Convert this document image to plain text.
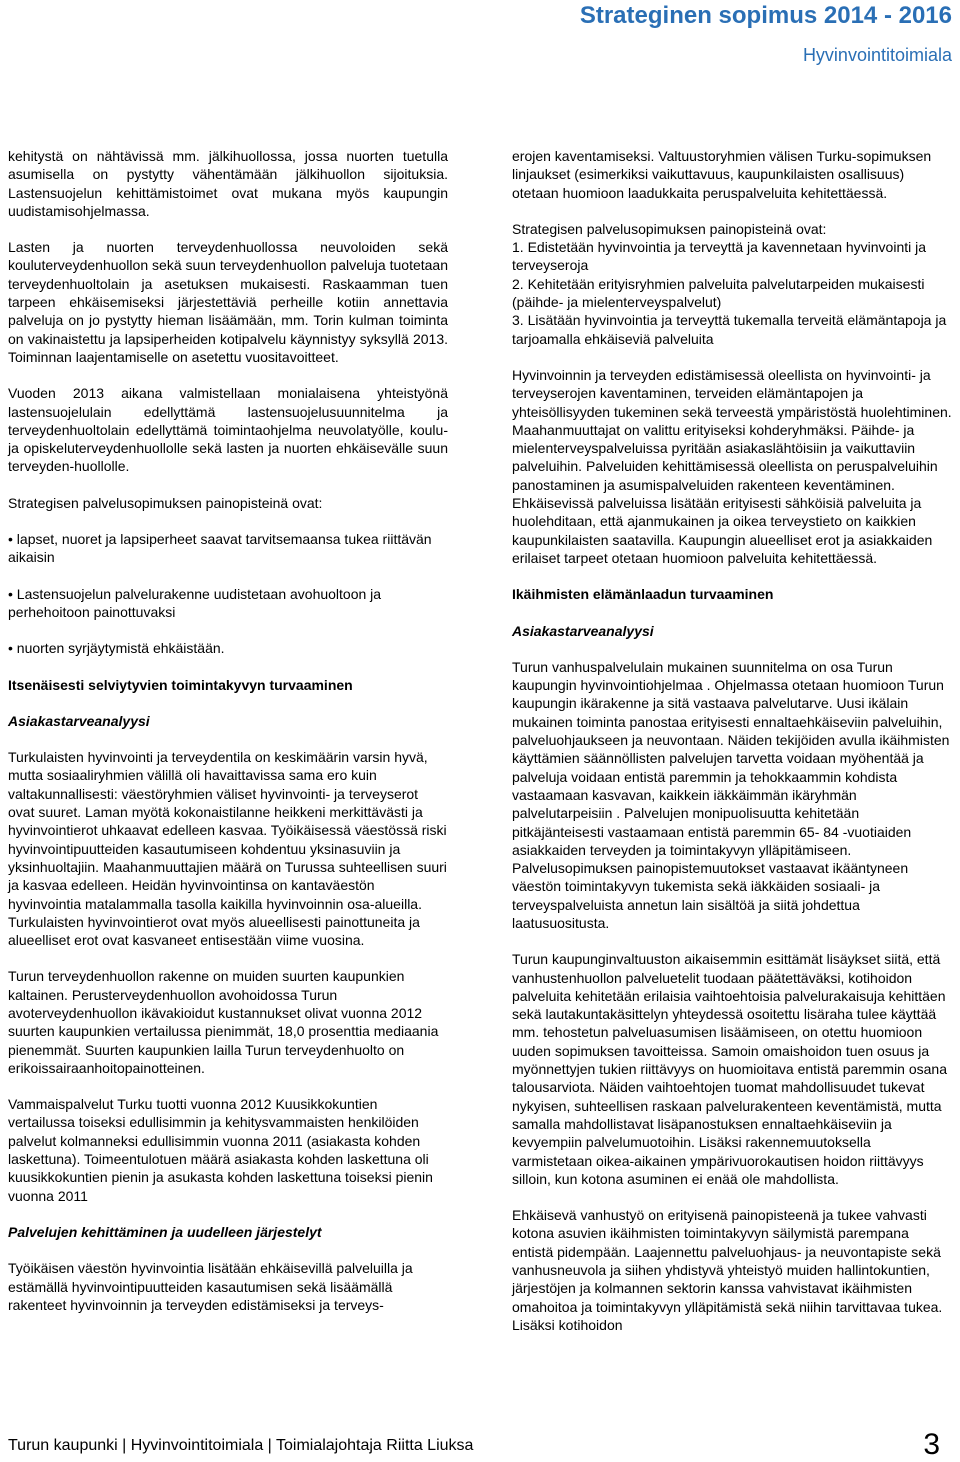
Strateginen sopimus 2014 - 2016
Hyvinvointitoimiala

kehitystä on nähtävissä mm. jälkihuollossa, jossa nuorten tuetulla asumisella on pystytty vähentämään jälkihuollon sijoituksia. Lastensuojelun kehittämistoimet ovat mukana myös kaupungin uudistamisohjelmassa.

Lasten ja nuorten terveydenhuollossa neuvoloiden sekä kouluterveydenhuollon sekä suun terveydenhuollon palveluja tuotetaan terveydenhuoltolain ja asetuksen mukaisesti. Raskaamman tuen tarpeen ehkäisemiseksi järjestettäviä perheille kotiin annettavia palveluja on jo pystytty hieman lisäämään, mm. Torin kulman toiminta on vakinaistettu ja lapsiperheiden kotipalvelu käynnistyy syksyllä 2013. Toiminnan laajentamiselle on asetettu vuositavoitteet.

Vuoden 2013 aikana valmistellaan monialaisena yhteistyönä lastensuojelulain edellyttämä lastensuojelusuunnitelma ja terveydenhuoltolain edellyttämä toimintaohjelma neuvolatyölle, koulu- ja opiskeluterveydenhuollolle sekä lasten ja nuorten ehkäisevälle suun terveyden-huollolle.

Strategisen palvelusopimuksen painopisteinä ovat:

• lapset, nuoret ja lapsiperheet saavat tarvitsemaansa tukea riittävän aikaisin
• Lastensuojelun palvelurakenne uudistetaan avohuoltoon ja perhehoitoon painottuvaksi
• nuorten syrjäytymistä ehkäistään.
Itsenäisesti selviytyvien toimintakyvyn turvaaminen
Asiakastarveanalyysi

Turkulaisten hyvinvointi ja terveydentila on keskimäärin varsin hyvä, mutta sosiaaliryhmien välillä oli havaittavissa sama ero kuin valtakunnallisesti: väestöryhmien väliset hyvinvointi- ja terveyserot ovat suuret. Laman myötä kokonaistilanne heikkeni merkittävästi ja hyvinvointierot uhkaavat edelleen kasvaa. Työikäisessä väestössä riski hyvinvointipuutteiden kasautumiseen kohdentuu yksinasuviin ja yksinhuoltajiin. Maahanmuuttajien määrä on Turussa suhteellisen suuri ja kasvaa edelleen. Heidän hyvinvointinsa on kantaväestön hyvinvointia matalammalla tasolla kaikilla hyvinvoinnin osa-alueilla. Turkulaisten hyvinvointierot ovat myös alueellisesti painottuneita ja alueelliset erot ovat kasvaneet entisestään viime vuosina.

Turun terveydenhuollon rakenne on muiden suurten kaupunkien kaltainen. Perusterveydenhuollon avohoidossa Turun avoterveydenhuollon ikävakioidut kustannukset olivat vuonna 2012 suurten kaupunkien vertailussa pienimmät, 18,0 prosenttia mediaania pienemmät. Suurten kaupunkien lailla Turun terveydenhuolto on erikoissairaanhoitopainotteinen.

Vammaispalvelut Turku tuotti vuonna 2012 Kuusikkokuntien vertailussa toiseksi edullisimmin ja kehitysvammaisten henkilöiden palvelut kolmanneksi edullisimmin vuonna 2011 (asiakasta kohden laskettuna). Toimeentulotuen määrä asiakasta kohden laskettuna oli kuusikkokuntien pienin ja asukasta kohden laskettuna toiseksi pienin vuonna 2011

Palvelujen kehittäminen ja uudelleen järjestelyt

Työikäisen väestön hyvinvointia lisätään ehkäisevillä palveluilla ja estämällä hyvinvointipuutteiden kasautumisen sekä lisäämällä rakenteet hyvinvoinnin ja terveyden edistämiseksi ja terveys-

erojen kaventamiseksi. Valtuustoryhmien välisen Turku-sopimuksen linjaukset (esimerkiksi vaikuttavuus, kaupunkilaisten osallisuus) otetaan huomioon laadukkaita peruspalveluita kehitettäessä.

Strategisen palvelusopimuksen painopisteinä ovat:

1. Edistetään hyvinvointia ja terveyttä ja kavennetaan hyvinvointi ja terveyseroja
2. Kehitetään erityisryhmien palveluita palvelutarpeiden mukaisesti (päihde- ja mielenterveyspalvelut)
3. Lisätään hyvinvointia ja terveyttä tukemalla terveitä elämäntapoja ja tarjoamalla ehkäiseviä palveluita

Hyvinvoinnin ja terveyden edistämisessä oleellista on hyvinvointi- ja terveyserojen kaventaminen, terveiden elämäntapojen ja yhteisöllisyyden tukeminen sekä terveestä ympäristöstä huolehtiminen. Maahanmuuttajat on valittu erityiseksi kohderyhmäksi. Päihde- ja mielenterveyspalveluissa pyritään asiakaslähtöisiin ja vaikuttaviin palveluihin. Palveluiden kehittämisessä oleellista on peruspalveluihin panostaminen ja asumispalveluiden rakenteen keventäminen. Ehkäisevissä palveluissa lisätään erityisesti sähköisiä palveluita ja huolehditaan, että ajanmukainen ja oikea terveystieto on kaikkien kaupunkilaisten saatavilla. Kaupungin alueelliset erot ja asiakkaiden erilaiset tarpeet otetaan huomioon palveluita kehitettäessä.

Ikäihmisten elämänlaadun turvaaminen
Asiakastarveanalyysi

Turun vanhuspalvelulain mukainen suunnitelma on osa Turun kaupungin hyvinvointiohjelmaa . Ohjelmassa otetaan huomioon Turun kaupungin ikärakenne ja sitä vastaava palvelutarve. Uusi ikälain mukainen toiminta panostaa erityisesti ennaltaehkäiseviin palveluihin, palveluohjaukseen ja neuvontaan. Näiden tekijöiden avulla ikäihmisten käyttämien säännöllisten palvelujen tarvetta voidaan myöhentää ja palveluja voidaan entistä paremmin ja tehokkaammin kohdista vastaamaan kasvavan, kaikkein iäkkäimmän ikäryhmän palvelutarpeisiin . Palvelujen monipuolisuutta kehitetään pitkäjänteisesti vastaamaan entistä paremmin 65- 84 -vuotiaiden asiakkaiden terveyden ja toimintakyvyn ylläpitämiseen. Palvelusopimuksen painopistemuutokset vastaavat ikääntyneen väestön toimintakyvyn tukemista sekä iäkkäiden sosiaali- ja terveyspalveluista annetun lain sisältöä ja siitä johdettua laatusuositusta.

Turun kaupunginvaltuuston aikaisemmin esittämät lisäykset siitä, että vanhustenhuollon palveluetelit tuodaan päätettäväksi, kotihoidon palveluita kehitetään erilaisia vaihtoehtoisia palvelurakaisuja kehittäen sekä lautakuntakäsittelyn yhteydessä osoitettu lisäraha tulee käyttää mm. tehostetun palveluasumisen lisäämiseen, on otettu huomioon uuden sopimuksen tavoitteissa. Samoin omaishoidon tuen osuus ja myönnettyjen tukien riittävyys on huomioitava entistä paremmin osana talousarviota. Näiden vaihtoehtojen tuomat mahdollisuudet tukevat nykyisen, suhteellisen raskaan palvelurakenteen keventämistä, mutta samalla mahdollistavat lisäpanostuksen ennaltaehkäiseviin ja kevyempiin palvelumuotoihin. Lisäksi rakennemuutoksella varmistetaan oikea-aikainen ympärivuorokautisen hoidon riittävyys silloin, kun kotona asuminen ei enää ole mahdollista.

Ehkäisevä vanhustyö on erityisenä painopisteenä ja tukee vahvasti kotona asuvien ikäihmisten toimintakyvyn säilymistä parempana entistä pidempään. Laajennettu palveluohjaus- ja neuvontapiste sekä vanhusneuvola ja siihen yhdistyvä yhteistyö muiden hallintokuntien, järjestöjen ja kolmannen sektorin kanssa vahvistavat ikäihmisten omahoitoa ja toimintakyvyn ylläpitämistä sekä niihin tarvittavaa tukea. Lisäksi kotihoidon

Turun kaupunki | Hyvinvointitoimiala | Toimialajohtaja Riitta Liuksa	3
